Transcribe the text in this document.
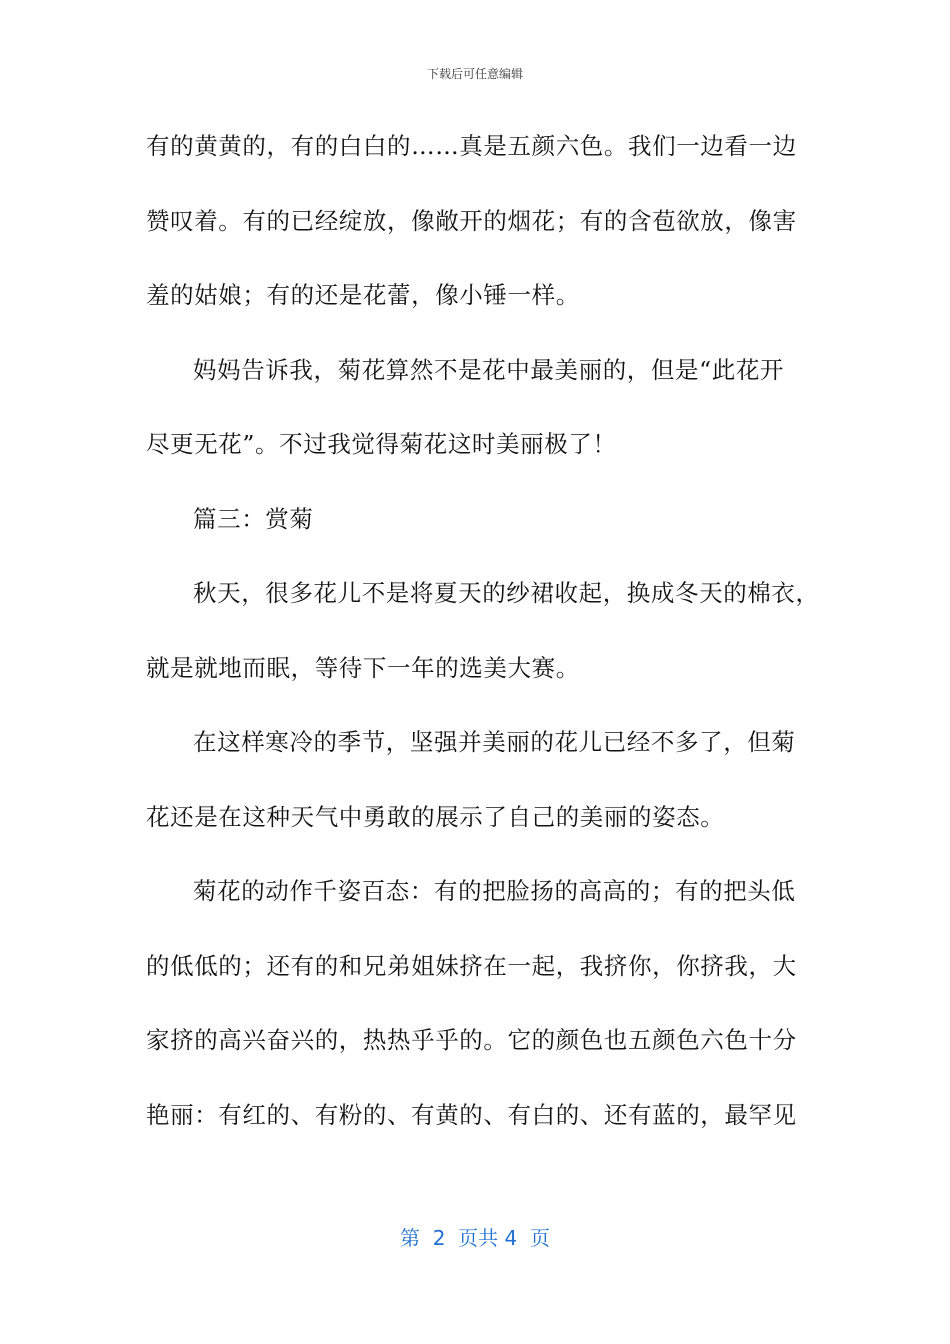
下载后可任意编辑
有的黄黄的，有的白白的……真是五颜六色。我们一边看一边
赞叹着。有的已经绽放，像敞开的烟花；有的含苞欲放，像害
羞的姑娘；有的还是花蕾，像小锤一样。
妈妈告诉我，菊花算然不是花中最美丽的，但是“此花开
尽更无花”。不过我觉得菊花这时美丽极了！
篇三：赏菊
秋天，很多花儿不是将夏天的纱裙收起，换成冬天的棉衣，
就是就地而眠，等待下一年的选美大赛。
在这样寒冷的季节，坚强并美丽的花儿已经不多了，但菊
花还是在这种天气中勇敢的展示了自己的美丽的姿态。
菊花的动作千姿百态：有的把脸扬的高高的；有的把头低
的低低的；还有的和兄弟姐妹挤在一起，我挤你，你挤我，大
家挤的高兴奋兴的，热热乎乎的。它的颜色也五颜色六色十分
艳丽：有红的、有粉的、有黄的、有白的、还有蓝的，最罕见
第  2  页共 4  页
